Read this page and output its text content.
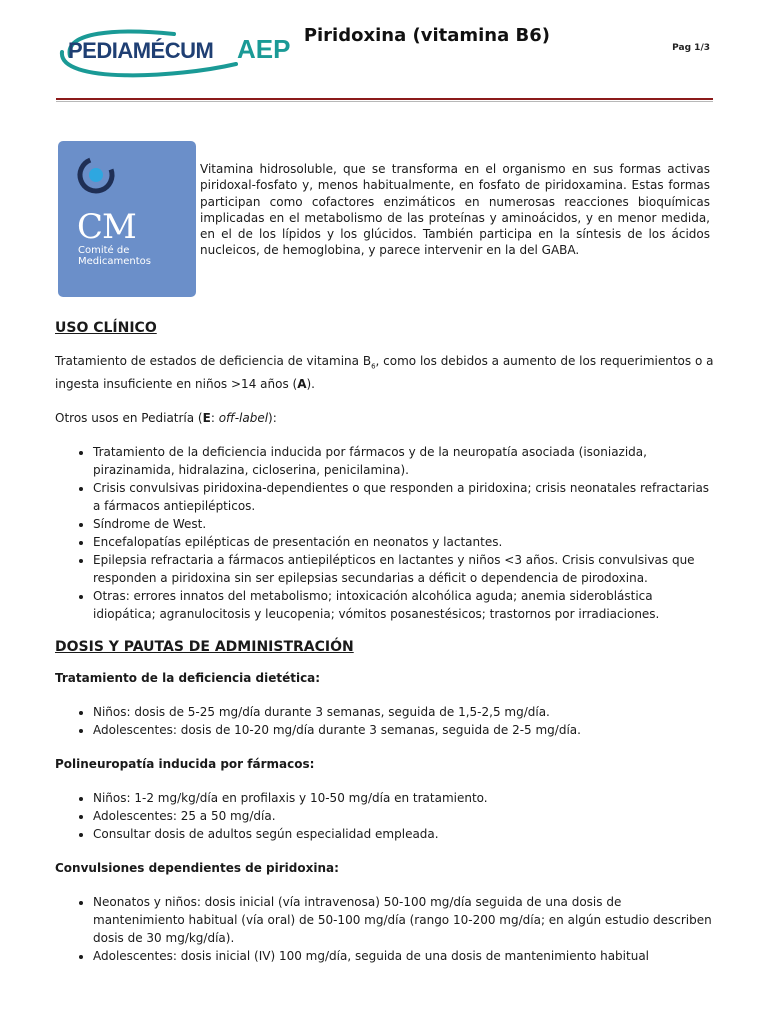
PEDIAMÉCUM AEP Piridoxina (vitamina B6)
Pag 1/3
CM
Comité de
Medicamentos
Vitamina hidrosoluble, que se transforma en el organismo en sus formas activas piridoxal-fosfato y, menos habitualmente, en fosfato de piridoxamina. Estas formas participan como cofactores enzimáticos en numerosas reacciones bioquímicas implicadas en el metabolismo de las proteínas y aminoácidos, y en menor medida, en el de los lípidos y los glúcidos. También participa en la síntesis de los ácidos nucleicos, de hemoglobina, y parece intervenir en la del GABA.
USO CLÍNICO

Tratamiento de estados de deficiencia de vitamina $B_6$, como los debidos a aumento de los requerimientos o a ingesta insuficiente en niños >14 años (A).

Otros usos en Pediatría (E: off-label):

• Tratamiento de la deficiencia inducida por fármacos y de la neuropatía asociada (isoniazida, pirazinamida, hidralazina, cicloserina, penicilamina).
• Crisis convulsivas piridoxina-dependientes o que responden a piridoxina; crisis neonatales refractarias a fármacos antiepilépticos.
• Síndrome de West.
• Encefalopatías epilépticas de presentación en neonatos y lactantes.
• Epilepsia refractaria a fármacos antiepilépticos en lactantes y niños <3 años. Crisis convulsivas que responden a piridoxina sin ser epilepsias secundarias a déficit o dependencia de pirodoxina.
• Otras: errores innatos del metabolismo; intoxicación alcohólica aguda; anemia sideroblástica idiopática; agranulocitosis y leucopenia; vómitos posanestésicos; trastornos por irradiaciones.
DOSIS Y PAUTAS DE ADMINISTRACIÓN

Tratamiento de la deficiencia dietética:

• Niños: dosis de 5-25 mg/día durante 3 semanas, seguida de 1,5-2,5 mg/día.
• Adolescentes: dosis de 10-20 mg/día durante 3 semanas, seguida de 2-5 mg/día.

Polineuropatía inducida por fármacos:

• Niños: 1-2 mg/kg/día en profilaxis y 10-50 mg/día en tratamiento.
• Adolescentes: 25 a 50 mg/día.
• Consultar dosis de adultos según especialidad empleada.

Convulsiones dependientes de piridoxina:

• Neonatos y niños: dosis inicial (vía intravenosa) 50-100 mg/día seguida de una dosis de mantenimiento habitual (vía oral) de 50-100 mg/día (rango 10-200 mg/día; en algún estudio describen dosis de 30 mg/kg/día).
• Adolescentes: dosis inicial (IV) 100 mg/día, seguida de una dosis de mantenimiento habitual
